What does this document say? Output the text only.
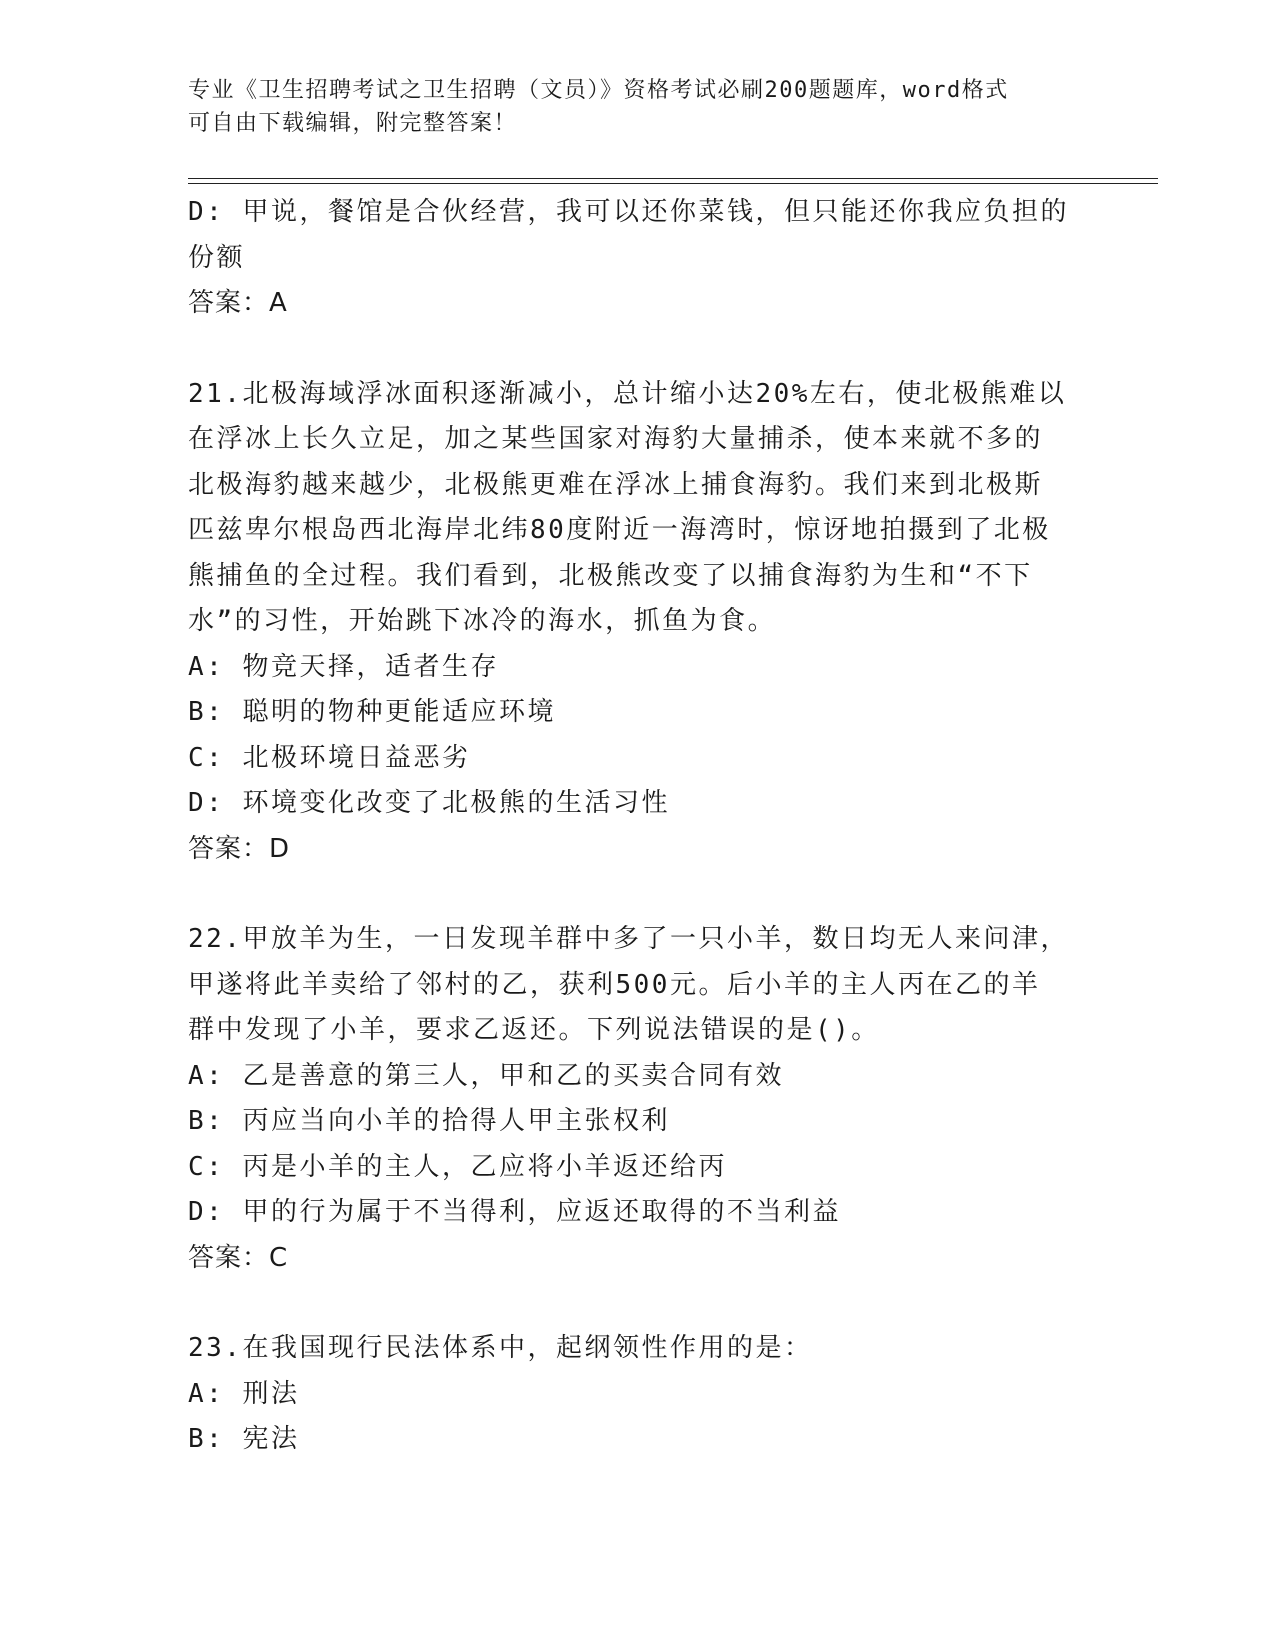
专业《卫生招聘考试之卫生招聘（文员）》资格考试必刷200题题库，word格式
可自由下载编辑，附完整答案！
D: 甲说，餐馆是合伙经营，我可以还你菜钱，但只能还你我应负担的
份额
答案：A
21.北极海域浮冰面积逐渐减小，总计缩小达20%左右，使北极熊难以
在浮冰上长久立足，加之某些国家对海豹大量捕杀，使本来就不多的
北极海豹越来越少，北极熊更难在浮冰上捕食海豹。我们来到北极斯
匹兹卑尔根岛西北海岸北纬80度附近一海湾时，惊讶地拍摄到了北极
熊捕鱼的全过程。我们看到，北极熊改变了以捕食海豹为生和“不下
水”的习性，开始跳下冰冷的海水，抓鱼为食。
A: 物竞天择，适者生存
B: 聪明的物种更能适应环境
C: 北极环境日益恶劣
D: 环境变化改变了北极熊的生活习性
答案：D
22.甲放羊为生，一日发现羊群中多了一只小羊，数日均无人来问津，
甲遂将此羊卖给了邻村的乙，获利500元。后小羊的主人丙在乙的羊
群中发现了小羊，要求乙返还。下列说法错误的是()。
A: 乙是善意的第三人，甲和乙的买卖合同有效
B: 丙应当向小羊的拾得人甲主张权利
C: 丙是小羊的主人，乙应将小羊返还给丙
D: 甲的行为属于不当得利，应返还取得的不当利益
答案：C
23.在我国现行民法体系中，起纲领性作用的是：
A: 刑法
B: 宪法
